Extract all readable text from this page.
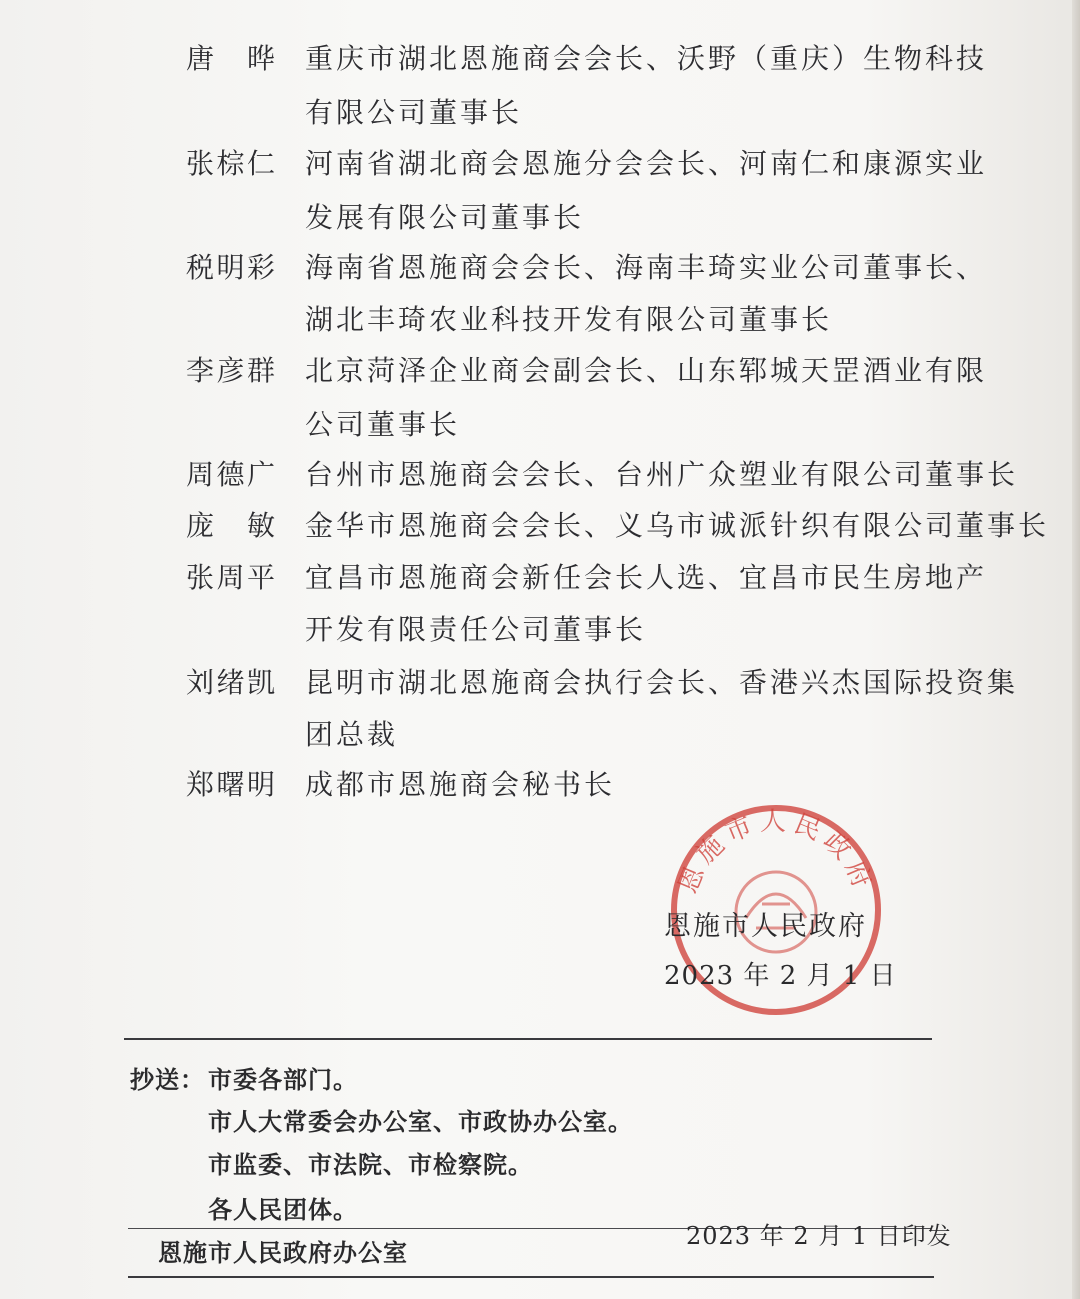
唐 晔 重庆市湖北恩施商会会长、沃野（重庆）生物科技
有限公司董事长
张棕仁 河南省湖北商会恩施分会会长、河南仁和康源实业
发展有限公司董事长
税明彩 海南省恩施商会会长、海南丰琦实业公司董事长、
湖北丰琦农业科技开发有限公司董事长
李彦群 北京菏泽企业商会副会长、山东郓城天罡酒业有限
公司董事长
周德广 台州市恩施商会会长、台州广众塑业有限公司董事长
庞 敏 金华市恩施商会会长、义乌市诚派针织有限公司董事长
张周平 宜昌市恩施商会新任会长人选、宜昌市民生房地产
开发有限责任公司董事长
刘绪凯 昆明市湖北恩施商会执行会长、香港兴杰国际投资集
团总裁
郑曙明 成都市恩施商会秘书长
恩施市人民政府
恩施市人民政府
2023 年 2 月 1 日
抄送： 市委各部门。
市人大常委会办公室、市政协办公室。
市监委、市法院、市检察院。
各人民团体。
2023 年 2 月 1 日印发
恩施市人民政府办公室
